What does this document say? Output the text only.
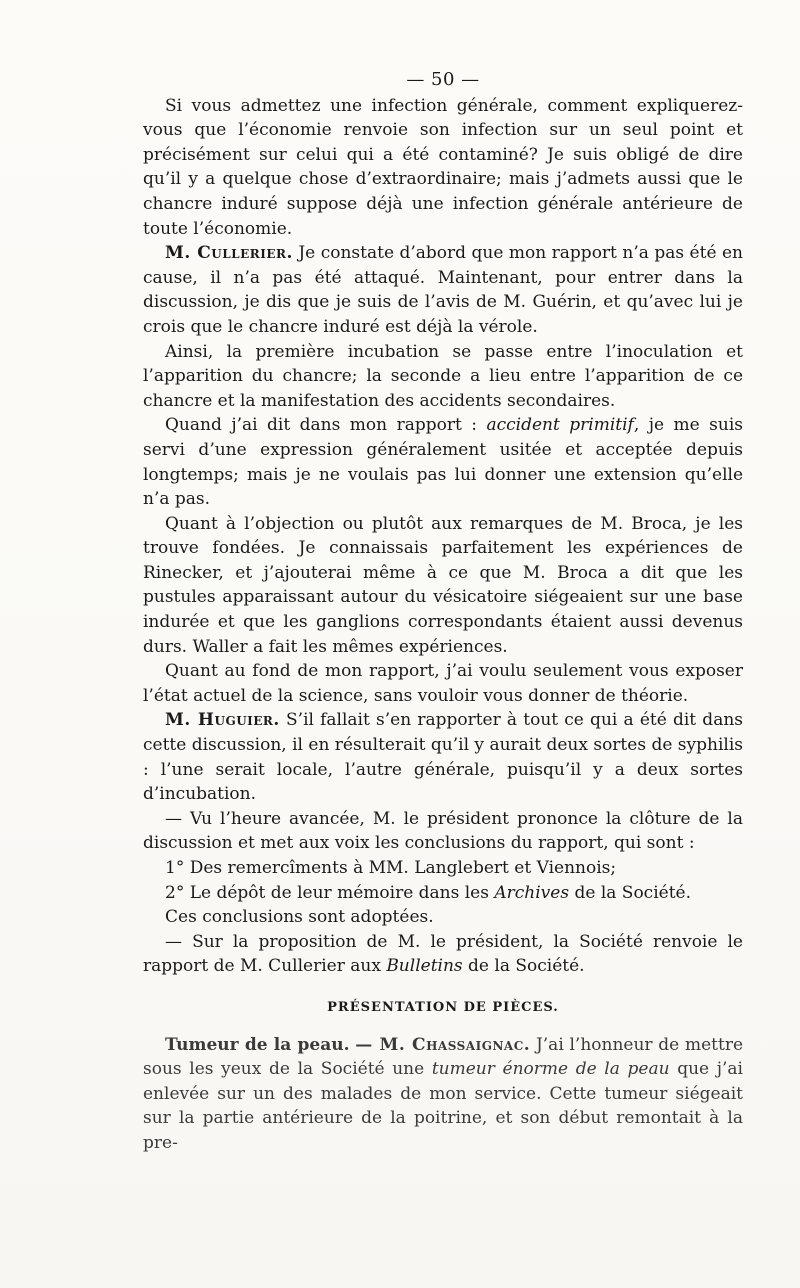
— 50 —

Si vous admettez une infection générale, comment expliquerez-vous que l’économie renvoie son infection sur un seul point et précisément sur celui qui a été contaminé? Je suis obligé de dire qu’il y a quelque chose d’extraordinaire; mais j’admets aussi que le chancre induré suppose déjà une infection générale antérieure de toute l’économie.

M. Cullerier. Je constate d’abord que mon rapport n’a pas été en cause, il n’a pas été attaqué. Maintenant, pour entrer dans la discussion, je dis que je suis de l’avis de M. Guérin, et qu’avec lui je crois que le chancre induré est déjà la vérole.

Ainsi, la première incubation se passe entre l’inoculation et l’apparition du chancre; la seconde a lieu entre l’apparition de ce chancre et la manifestation des accidents secondaires.

Quand j’ai dit dans mon rapport : accident primitif, je me suis servi d’une expression généralement usitée et acceptée depuis longtemps; mais je ne voulais pas lui donner une extension qu’elle n’a pas.

Quant à l’objection ou plutôt aux remarques de M. Broca, je les trouve fondées. Je connaissais parfaitement les expériences de Rinecker, et j’ajouterai même à ce que M. Broca a dit que les pustules apparaissant autour du vésicatoire siégeaient sur une base indurée et que les ganglions correspondants étaient aussi devenus durs. Waller a fait les mêmes expériences.

Quant au fond de mon rapport, j’ai voulu seulement vous exposer l’état actuel de la science, sans vouloir vous donner de théorie.

M. Huguier. S’il fallait s’en rapporter à tout ce qui a été dit dans cette discussion, il en résulterait qu’il y aurait deux sortes de syphilis : l’une serait locale, l’autre générale, puisqu’il y a deux sortes d’incubation.

— Vu l’heure avancée, M. le président prononce la clôture de la discussion et met aux voix les conclusions du rapport, qui sont :

1° Des remercîments à MM. Langlebert et Viennois;

2° Le dépôt de leur mémoire dans les Archives de la Société.

Ces conclusions sont adoptées.

— Sur la proposition de M. le président, la Société renvoie le rapport de M. Cullerier aux Bulletins de la Société.

PRÉSENTATION DE PIÈCES.

Tumeur de la peau. — M. Chassaignac. J’ai l’honneur de mettre sous les yeux de la Société une tumeur énorme de la peau que j’ai enlevée sur un des malades de mon service. Cette tumeur siégeait sur la partie antérieure de la poitrine, et son début remontait à la pre-
